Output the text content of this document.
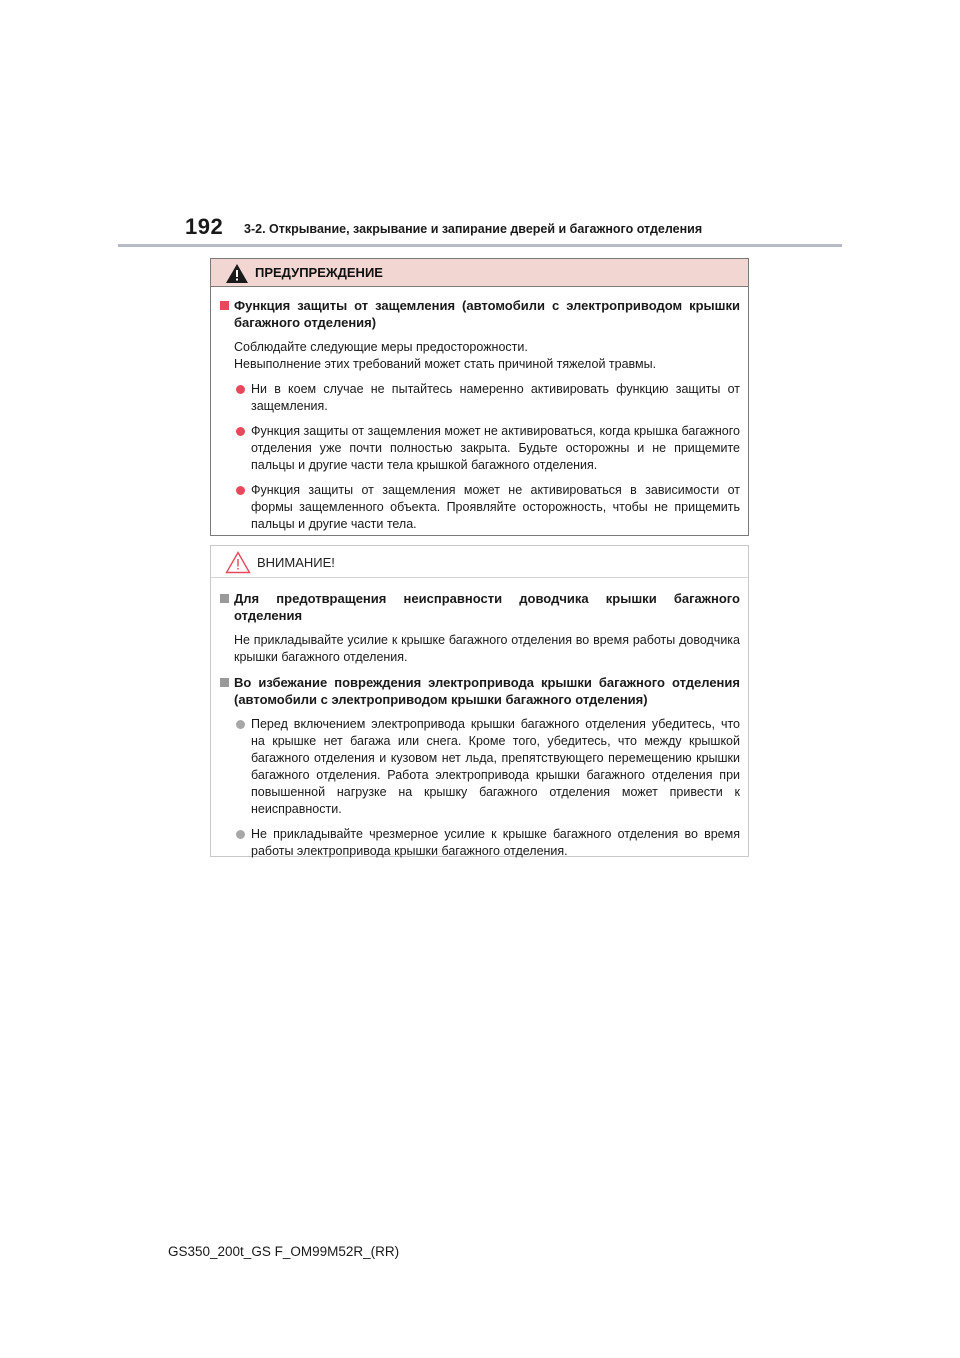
192 3-2. Открывание, закрывание и запирание дверей и багажного отделения
ПРЕДУПРЕЖДЕНИЕ
Функция защиты от защемления (автомобили с электроприводом крышки багажного отделения)
Соблюдайте следующие меры предосторожности.
Невыполнение этих требований может стать причиной тяжелой травмы.
Ни в коем случае не пытайтесь намеренно активировать функцию защиты от защемления.
Функция защиты от защемления может не активироваться, когда крышка багажного отделения уже почти полностью закрыта. Будьте осторожны и не прищемите пальцы и другие части тела крышкой багажного отделения.
Функция защиты от защемления может не активироваться в зависимости от формы защемленного объекта. Проявляйте осторожность, чтобы не прищемить пальцы и другие части тела.
ВНИМАНИЕ!
Для предотвращения неисправности доводчика крышки багажного отделения
Не прикладывайте усилие к крышке багажного отделения во время работы доводчика крышки багажного отделения.
Во избежание повреждения электропривода крышки багажного отделения (автомобили с электроприводом крышки багажного отделения)
Перед включением электропривода крышки багажного отделения убедитесь, что на крышке нет багажа или снега. Кроме того, убедитесь, что между крышкой багажного отделения и кузовом нет льда, препятствующего перемещению крышки багажного отделения. Работа электропривода крышки багажного отделения при повышенной нагрузке на крышку багажного отделения может привести к неисправности.
Не прикладывайте чрезмерное усилие к крышке багажного отделения во время работы электропривода крышки багажного отделения.
GS350_200t_GS F_OM99M52R_(RR)
